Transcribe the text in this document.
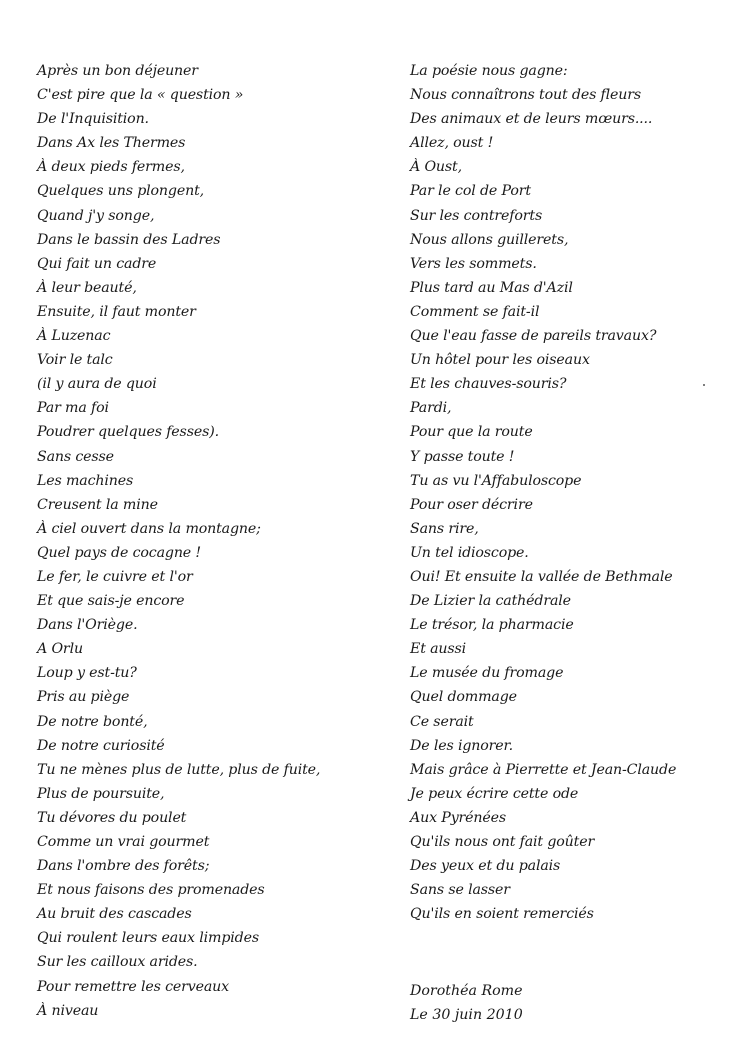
Après un bon déjeuner
C'est pire que la « question »
De l'Inquisition.
Dans Ax les Thermes
À deux pieds fermes,
Quelques uns plongent,
Quand j'y songe,
Dans le bassin des Ladres
Qui fait un cadre
À leur beauté,
Ensuite, il faut monter
À Luzenac
Voir le talc
(il y aura de quoi
Par ma foi
Poudrer quelques fesses).
Sans cesse
Les machines
Creusent la mine
À ciel ouvert dans la montagne;
Quel pays de cocagne !
Le fer, le cuivre et l'or
Et que sais-je encore
Dans l'Oriège.
A Orlu
Loup y est-tu?
Pris au piège
De notre bonté,
De notre curiosité
Tu ne mènes plus de lutte, plus de fuite,
Plus de poursuite,
Tu dévores du poulet
Comme un vrai gourmet
Dans l'ombre des forêts;
Et nous faisons des promenades
Au bruit des cascades
Qui roulent leurs eaux limpides
Sur les cailloux arides.
Pour remettre les cerveaux
À niveau
La poésie nous gagne:
Nous connaîtrons tout des fleurs
Des animaux et de leurs mœurs....
Allez, oust !
À Oust,
Par le col de Port
Sur les contreforts
Nous allons guillerets,
Vers les sommets.
Plus tard au Mas d'Azil
Comment se fait-il
Que l'eau fasse de pareils travaux?
Un hôtel pour les oiseaux
Et les chauves-souris?
Pardi,
Pour que la route
Y passe toute !
Tu as vu l'Affabuloscope
Pour oser décrire
Sans rire,
Un tel idioscope.
Oui! Et ensuite la vallée de Bethmale
De Lizier la cathédrale
Le trésor, la pharmacie
Et aussi
Le musée du fromage
Quel dommage
Ce serait
De les ignorer.
Mais grâce à Pierrette et Jean-Claude
Je peux écrire cette ode
Aux Pyrénées
Qu'ils nous ont fait goûter
Des yeux et du palais
Sans se lasser
Qu'ils en soient remerciés
Dorothéa Rome
Le 30 juin 2010
